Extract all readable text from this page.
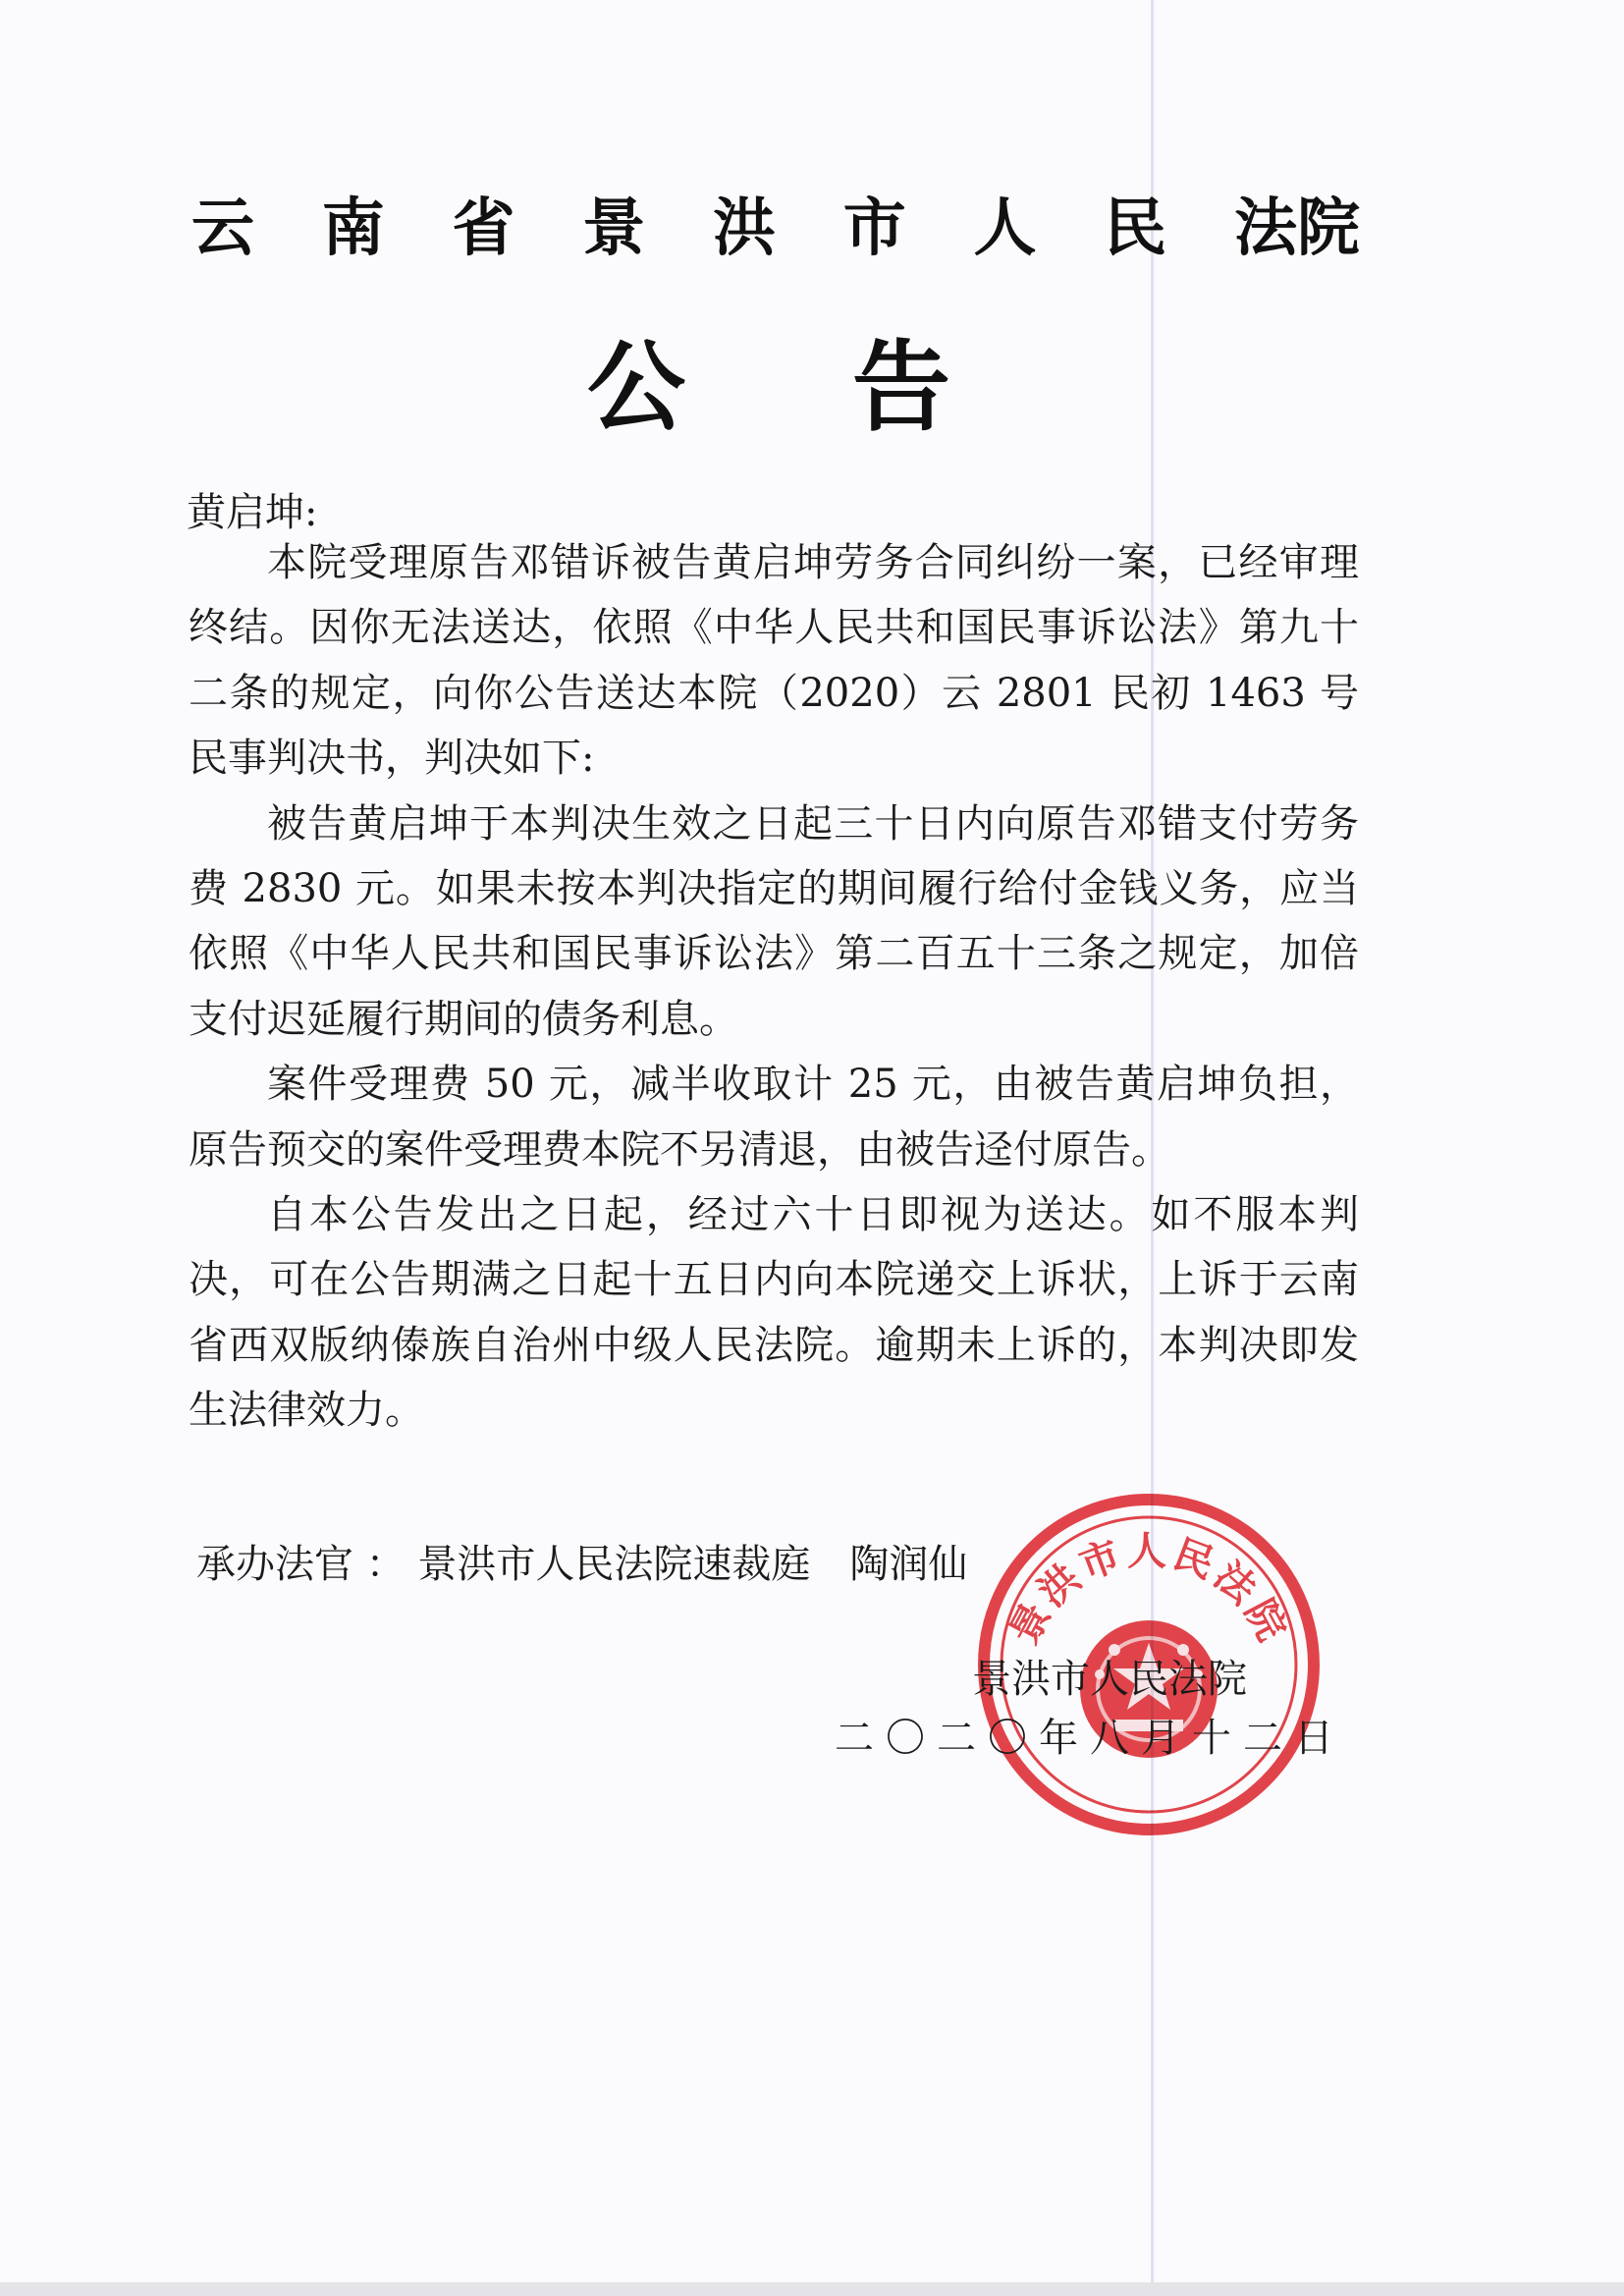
云 南 省 景 洪 市 人 民 法院
公 告
黄启坤:

本院受理原告邓错诉被告黄启坤劳务合同纠纷一案，已经审理终结。因你无法送达，依照《中华人民共和国民事诉讼法》第九十二条的规定，向你公告送达本院（2020）云 2801 民初 1463 号民事判决书，判决如下:

被告黄启坤于本判决生效之日起三十日内向原告邓错支付劳务费 2830 元。如果未按本判决指定的期间履行给付金钱义务，应当依照《中华人民共和国民事诉讼法》第二百五十三条之规定，加倍支付迟延履行期间的债务利息。

案件受理费 50 元，减半收取计 25 元，由被告黄启坤负担，原告预交的案件受理费本院不另清退，由被告迳付原告。

自本公告发出之日起，经过六十日即视为送达。如不服本判决，可在公告期满之日起十五日内向本院递交上诉状，上诉于云南省西双版纳傣族自治州中级人民法院。逾期未上诉的，本判决即发生法律效力。

承办法官 ： 景洪市人民法院速裁庭　陶润仙
景洪市人民法院
景洪市人民法院
二〇二〇年八月十二日
